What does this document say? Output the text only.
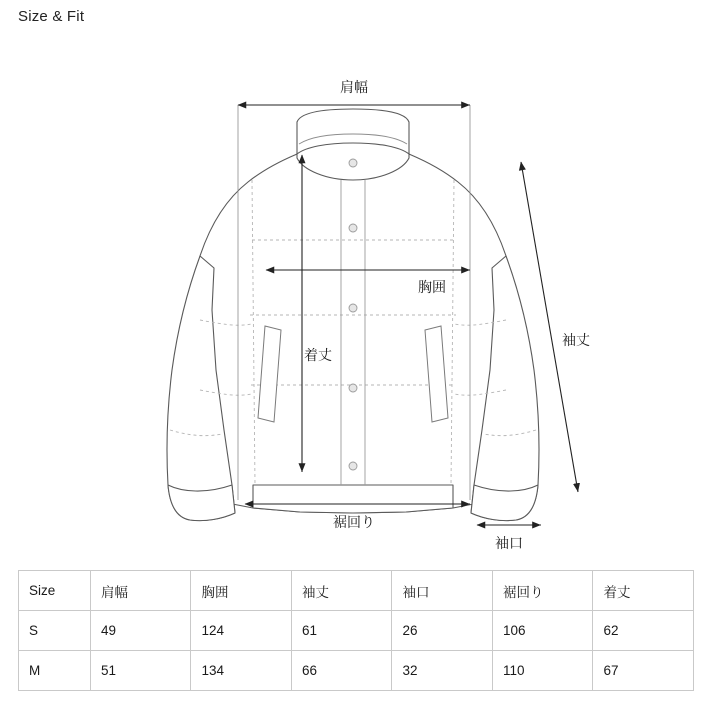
Size & Fit
肩幅
胸囲
着丈
裾回り
袖丈
袖口
Size	肩幅	胸囲	袖丈	袖口	裾回り	着丈
S	49	124	61	26	106	62
M	51	134	66	32	110	67
